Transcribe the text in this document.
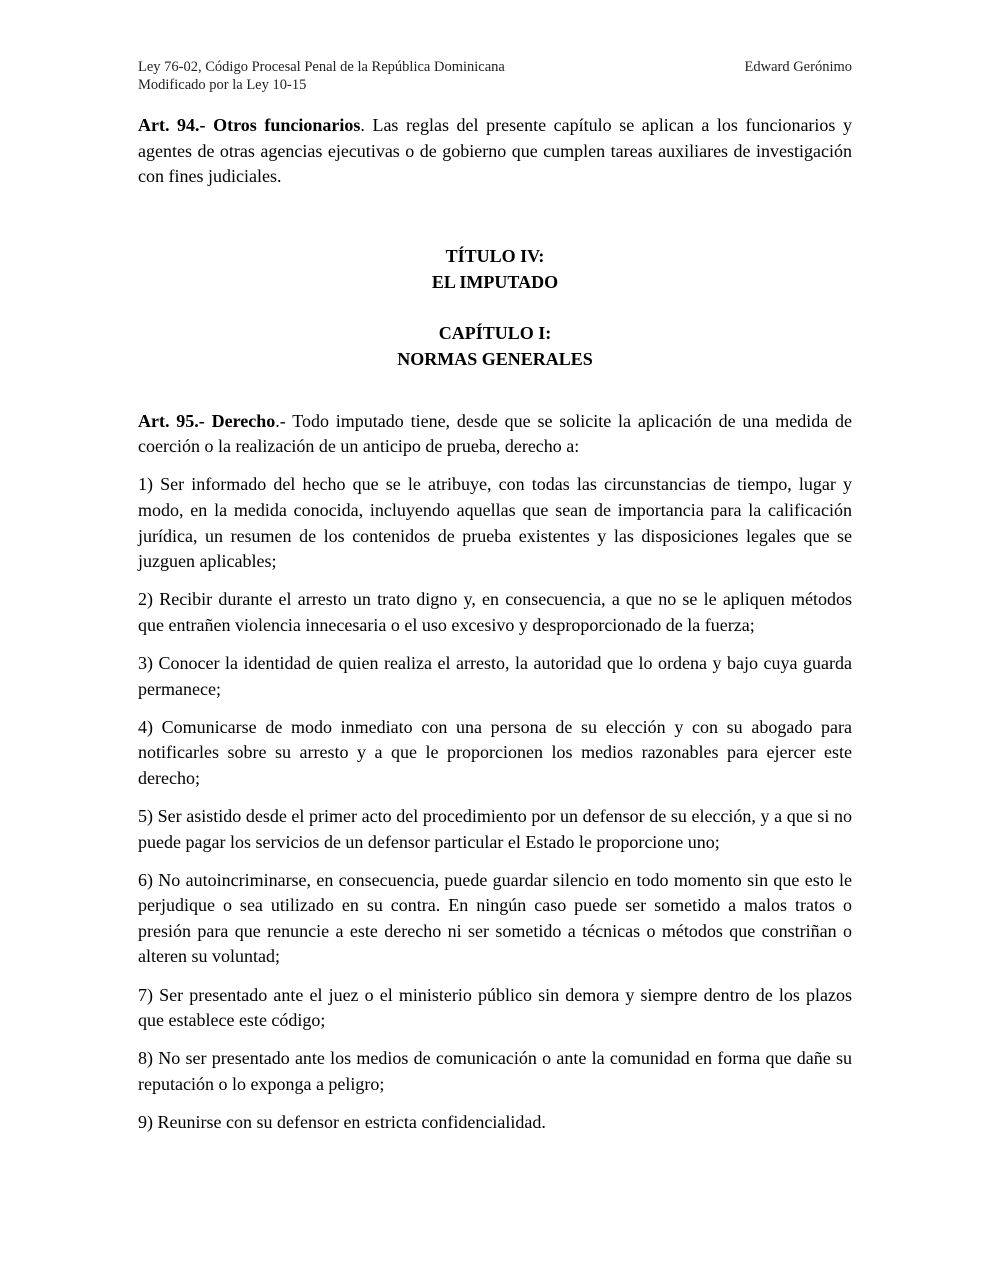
Ley 76-02, Código Procesal Penal de la República Dominicana	Edward Gerónimo
Modificado por la Ley 10-15

Art. 94.- Otros funcionarios. Las reglas del presente capítulo se aplican a los funcionarios y agentes de otras agencias ejecutivas o de gobierno que cumplen tareas auxiliares de investigación con fines judiciales.

TÍTULO IV:
EL IMPUTADO
CAPÍTULO I:
NORMAS GENERALES

Art. 95.- Derecho.- Todo imputado tiene, desde que se solicite la aplicación de una medida de coerción o la realización de un anticipo de prueba, derecho a:

1) Ser informado del hecho que se le atribuye, con todas las circunstancias de tiempo, lugar y modo, en la medida conocida, incluyendo aquellas que sean de importancia para la calificación jurídica, un resumen de los contenidos de prueba existentes y las disposiciones legales que se juzguen aplicables;

2) Recibir durante el arresto un trato digno y, en consecuencia, a que no se le apliquen métodos que entrañen violencia innecesaria o el uso excesivo y desproporcionado de la fuerza;

3) Conocer la identidad de quien realiza el arresto, la autoridad que lo ordena y bajo cuya guarda permanece;

4) Comunicarse de modo inmediato con una persona de su elección y con su abogado para notificarles sobre su arresto y a que le proporcionen los medios razonables para ejercer este derecho;

5) Ser asistido desde el primer acto del procedimiento por un defensor de su elección, y a que si no puede pagar los servicios de un defensor particular el Estado le proporcione uno;

6) No autoincriminarse, en consecuencia, puede guardar silencio en todo momento sin que esto le perjudique o sea utilizado en su contra. En ningún caso puede ser sometido a malos tratos o presión para que renuncie a este derecho ni ser sometido a técnicas o métodos que constriñan o alteren su voluntad;

7) Ser presentado ante el juez o el ministerio público sin demora y siempre dentro de los plazos que establece este código;

8) No ser presentado ante los medios de comunicación o ante la comunidad en forma que dañe su reputación o lo exponga a peligro;

9) Reunirse con su defensor en estricta confidencialidad.
